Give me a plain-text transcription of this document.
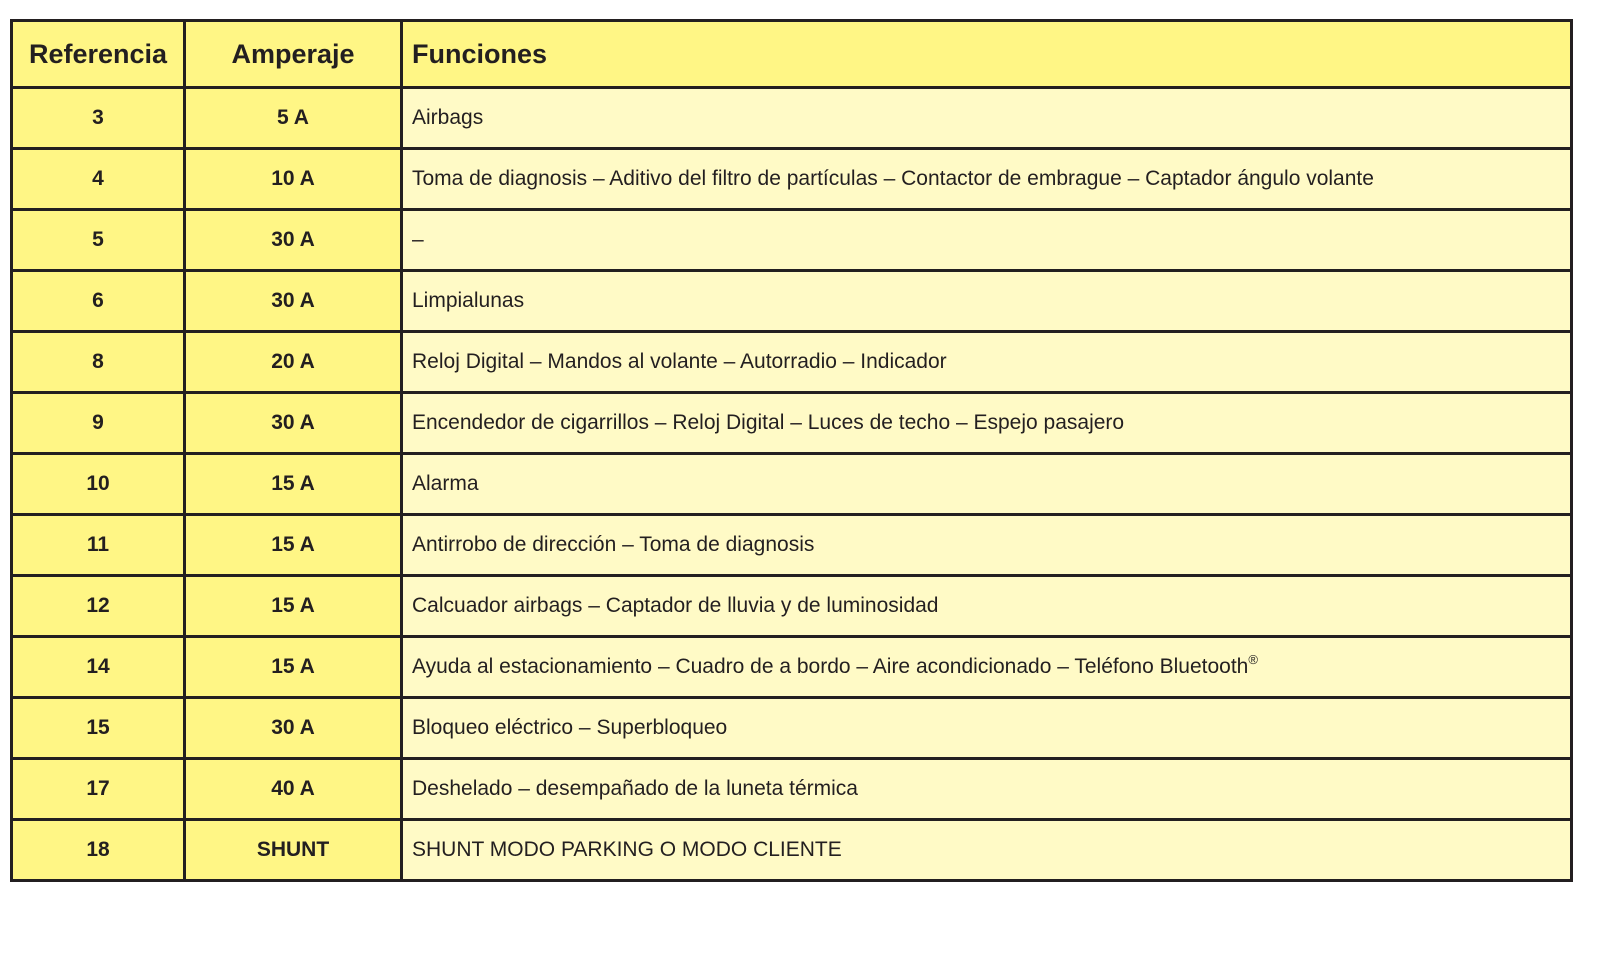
Referencia	Amperaje	Funciones
3	5 A	Airbags
4	10 A	Toma de diagnosis – Aditivo del filtro de partículas – Contactor de embrague – Captador ángulo volante
5	30 A	–
6	30 A	Limpialunas
8	20 A	Reloj Digital – Mandos al volante – Autorradio – Indicador
9	30 A	Encendedor de cigarrillos – Reloj Digital – Luces de techo – Espejo pasajero
10	15 A	Alarma
11	15 A	Antirrobo de dirección – Toma de diagnosis
12	15 A	Calcuador airbags – Captador de lluvia y de luminosidad
14	15 A	Ayuda al estacionamiento – Cuadro de a bordo – Aire acondicionado – Teléfono Bluetooth®
15	30 A	Bloqueo eléctrico – Superbloqueo
17	40 A	Deshelado – desempañado de la luneta térmica
18	SHUNT	SHUNT MODO PARKING O MODO CLIENTE
